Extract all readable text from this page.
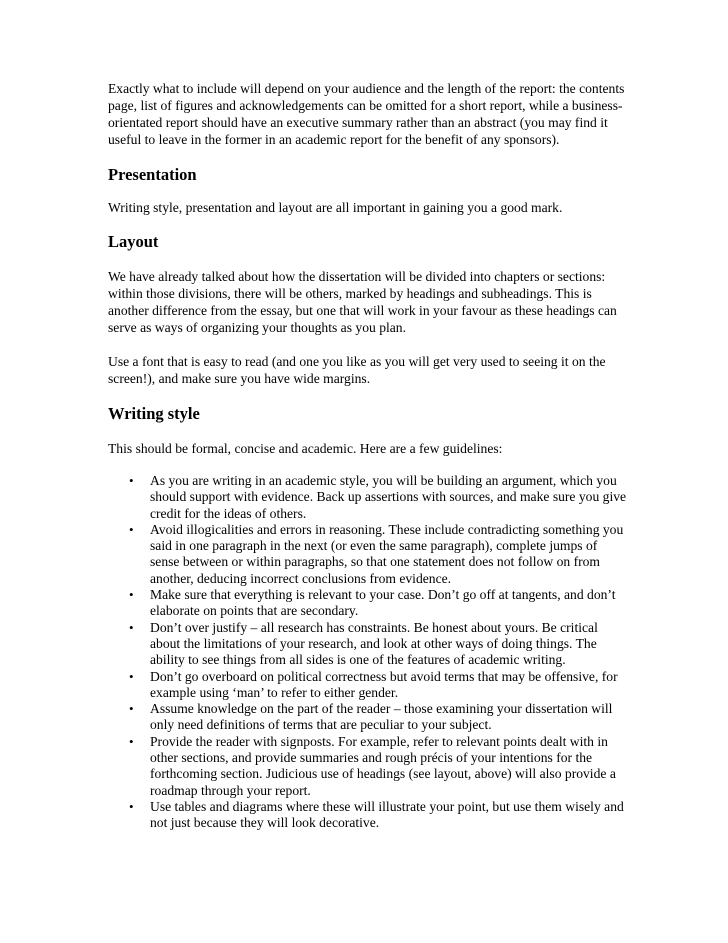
Exactly what to include will depend on your audience and the length of the report: the contents page, list of figures and acknowledgements can be omitted for a short report, while a business-orientated report should have an executive summary rather than an abstract (you may find it useful to leave in the former in an academic report for the benefit of any sponsors).

Presentation

Writing style, presentation and layout are all important in gaining you a good mark.

Layout

We have already talked about how the dissertation will be divided into chapters or sections: within those divisions, there will be others, marked by headings and subheadings. This is another difference from the essay, but one that will work in your favour as these headings can serve as ways of organizing your thoughts as you plan.

Use a font that is easy to read (and one you like as you will get very used to seeing it on the screen!), and make sure you have wide margins.

Writing style

This should be formal, concise and academic. Here are a few guidelines:

• As you are writing in an academic style, you will be building an argument, which you should support with evidence. Back up assertions with sources, and make sure you give credit for the ideas of others.
• Avoid illogicalities and errors in reasoning. These include contradicting something you said in one paragraph in the next (or even the same paragraph), complete jumps of sense between or within paragraphs, so that one statement does not follow on from another, deducing incorrect conclusions from evidence.
• Make sure that everything is relevant to your case. Don’t go off at tangents, and don’t elaborate on points that are secondary.
• Don’t over justify – all research has constraints. Be honest about yours. Be critical about the limitations of your research, and look at other ways of doing things. The ability to see things from all sides is one of the features of academic writing.
• Don’t go overboard on political correctness but avoid terms that may be offensive, for example using ‘man’ to refer to either gender.
• Assume knowledge on the part of the reader – those examining your dissertation will only need definitions of terms that are peculiar to your subject.
• Provide the reader with signposts. For example, refer to relevant points dealt with in other sections, and provide summaries and rough précis of your intentions for the forthcoming section. Judicious use of headings (see layout, above) will also provide a roadmap through your report.
• Use tables and diagrams where these will illustrate your point, but use them wisely and not just because they will look decorative.
